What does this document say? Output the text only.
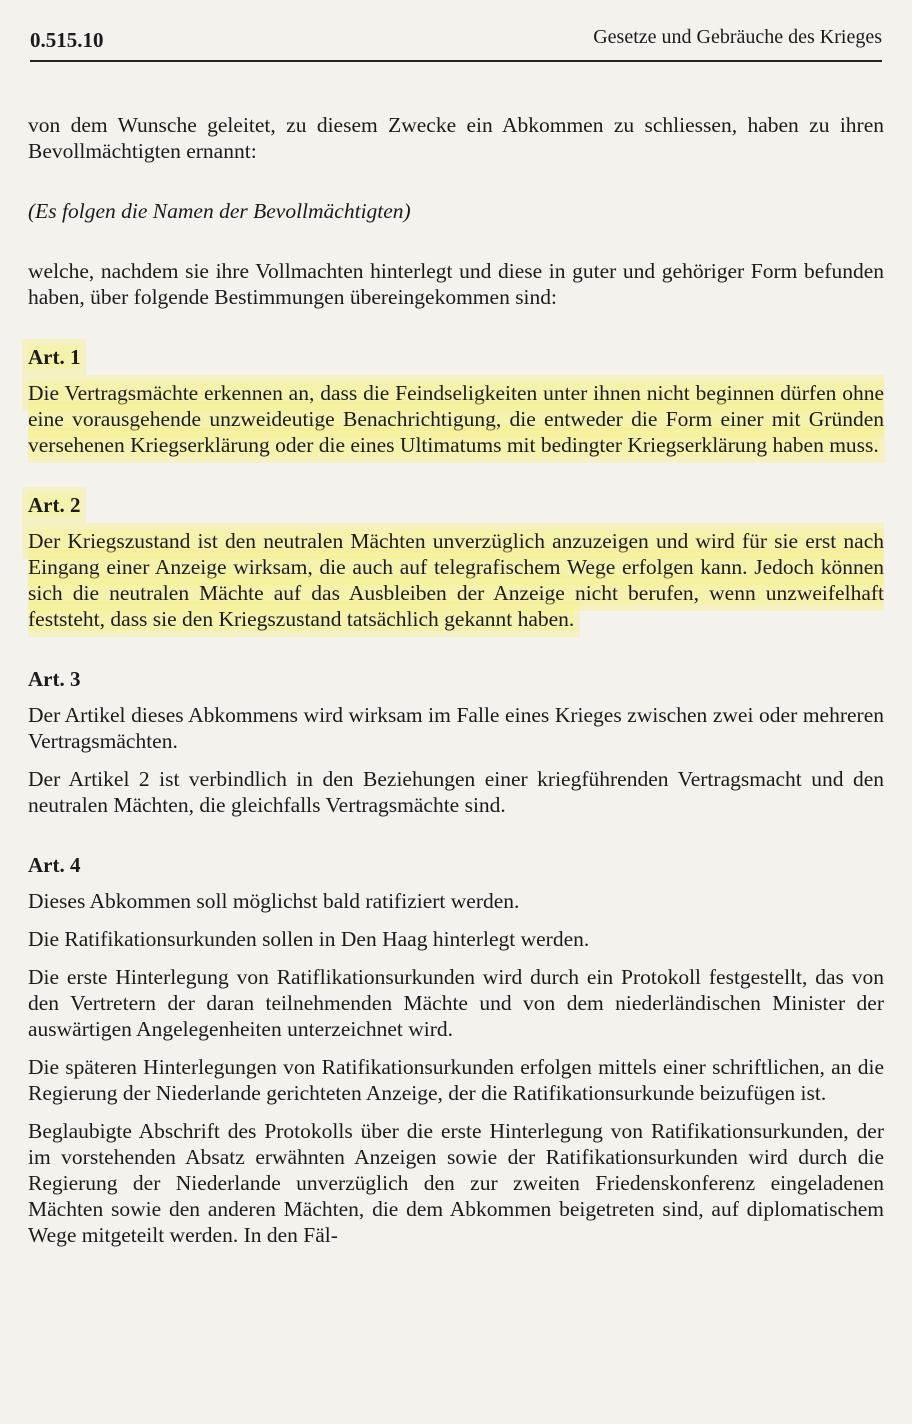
0.515.10	Gesetze und Gebräuche des Krieges

von dem Wunsche geleitet, zu diesem Zwecke ein Abkommen zu schliessen, haben zu ihren Bevollmächtigten ernannt:

(Es folgen die Namen der Bevollmächtigten)

welche, nachdem sie ihre Vollmachten hinterlegt und diese in guter und gehöriger Form befunden haben, über folgende Bestimmungen übereingekommen sind:

Art. 1

Die Vertragsmächte erkennen an, dass die Feindseligkeiten unter ihnen nicht beginnen dürfen ohne eine vorausgehende unzweideutige Benachrichtigung, die entweder die Form einer mit Gründen versehenen Kriegserklärung oder die eines Ultimatums mit bedingter Kriegserklärung haben muss.

Art. 2

Der Kriegszustand ist den neutralen Mächten unverzüglich anzuzeigen und wird für sie erst nach Eingang einer Anzeige wirksam, die auch auf telegrafischem Wege erfolgen kann. Jedoch können sich die neutralen Mächte auf das Ausbleiben der Anzeige nicht berufen, wenn unzweifelhaft feststeht, dass sie den Kriegszustand tatsächlich gekannt haben.

Art. 3

Der Artikel dieses Abkommens wird wirksam im Falle eines Krieges zwischen zwei oder mehreren Vertragsmächten.

Der Artikel 2 ist verbindlich in den Beziehungen einer kriegführenden Vertragsmacht und den neutralen Mächten, die gleichfalls Vertragsmächte sind.

Art. 4

Dieses Abkommen soll möglichst bald ratifiziert werden.

Die Ratifikationsurkunden sollen in Den Haag hinterlegt werden.

Die erste Hinterlegung von Ratiflikationsurkunden wird durch ein Protokoll festgestellt, das von den Vertretern der daran teilnehmenden Mächte und von dem niederländischen Minister der auswärtigen Angelegenheiten unterzeichnet wird.

Die späteren Hinterlegungen von Ratifikationsurkunden erfolgen mittels einer schriftlichen, an die Regierung der Niederlande gerichteten Anzeige, der die Ratifikationsurkunde beizufügen ist.

Beglaubigte Abschrift des Protokolls über die erste Hinterlegung von Ratifikationsurkunden, der im vorstehenden Absatz erwähnten Anzeigen sowie der Ratifikationsurkunden wird durch die Regierung der Niederlande unverzüglich den zur zweiten Friedenskonferenz eingeladenen Mächten sowie den anderen Mächten, die dem Abkommen beigetreten sind, auf diplomatischem Wege mitgeteilt werden. In den Fäl-
